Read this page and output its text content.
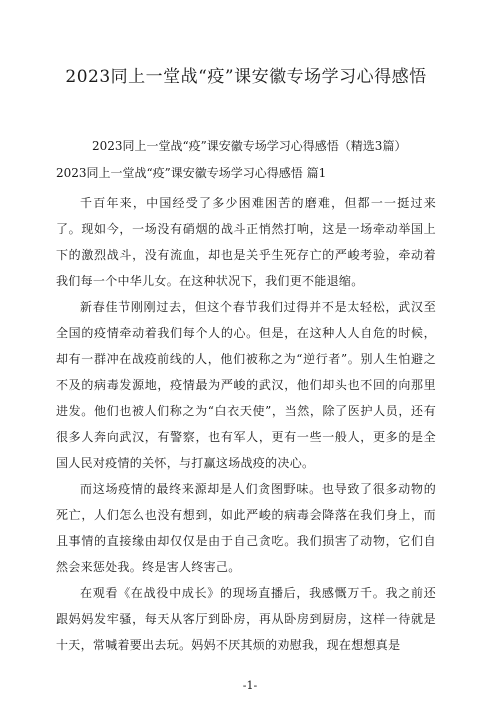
2023同上一堂战“疫”课安徽专场学习心得感悟

2023同上一堂战“疫”课安徽专场学习心得感悟（精选3篇）

2023同上一堂战“疫”课安徽专场学习心得感悟 篇1

千百年来，中国经受了多少困难困苦的磨难，但都一一挺过来了。现如今，一场没有硝烟的战斗正悄然打响，这是一场牵动举国上下的激烈战斗，没有流血，却也是关乎生死存亡的严峻考验，牵动着我们每一个中华儿女。在这种状况下，我们更不能退缩。

新春佳节刚刚过去，但这个春节我们过得并不是太轻松，武汉至全国的疫情牵动着我们每个人的心。但是，在这种人人自危的时候，却有一群冲在战疫前线的人，他们被称之为“逆行者”。别人生怕避之不及的病毒发源地，疫情最为严峻的武汉，他们却头也不回的向那里进发。他们也被人们称之为“白衣天使”，当然，除了医护人员，还有很多人奔向武汉，有警察，也有军人，更有一些一般人，更多的是全国人民对疫情的关怀，与打赢这场战疫的决心。

而这场疫情的最终来源却是人们贪图野味。也导致了很多动物的死亡，人们怎么也没有想到，如此严峻的病毒会降落在我们身上，而且事情的直接缘由却仅仅是由于自己贪吃。我们损害了动物，它们自然会来惩处我。终是害人终害己。

在观看《在战役中成长》的现场直播后，我感慨万千。我之前还跟妈妈发牢骚，每天从客厅到卧房，再从卧房到厨房，这样一待就是十天，常喊着要出去玩。妈妈不厌其烦的劝慰我，现在想想真是

-1-
